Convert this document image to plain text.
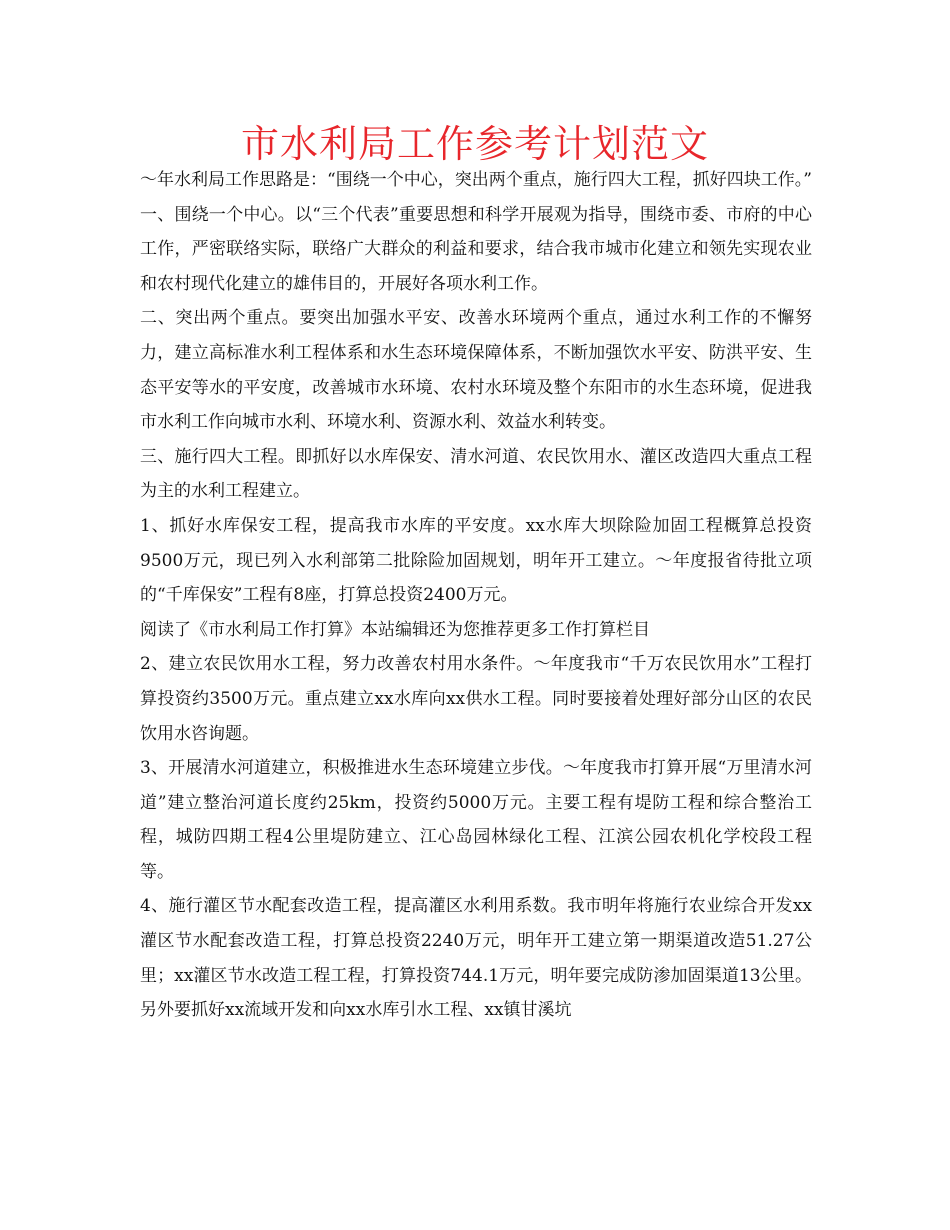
市水利局工作参考计划范文

～年水利局工作思路是：“围绕一个中心，突出两个重点，施行四大工程，抓好四块工作。”

一、围绕一个中心。以“三个代表”重要思想和科学开展观为指导，围绕市委、市府的中心工作，严密联络实际，联络广大群众的利益和要求，结合我市城市化建立和领先实现农业和农村现代化建立的雄伟目的，开展好各项水利工作。

二、突出两个重点。要突出加强水平安、改善水环境两个重点，通过水利工作的不懈努力，建立高标准水利工程体系和水生态环境保障体系，不断加强饮水平安、防洪平安、生态平安等水的平安度，改善城市水环境、农村水环境及整个东阳市的水生态环境，促进我市水利工作向城市水利、环境水利、资源水利、效益水利转变。

三、施行四大工程。即抓好以水库保安、清水河道、农民饮用水、灌区改造四大重点工程为主的水利工程建立。

1、抓好水库保安工程，提高我市水库的平安度。xx水库大坝除险加固工程概算总投资9500万元，现已列入水利部第二批除险加固规划，明年开工建立。～年度报省待批立项的“千库保安”工程有8座，打算总投资2400万元。

阅读了《市水利局工作打算》本站编辑还为您推荐更多工作打算栏目

2、建立农民饮用水工程，努力改善农村用水条件。～年度我市“千万农民饮用水”工程打算投资约3500万元。重点建立xx水库向xx供水工程。同时要接着处理好部分山区的农民饮用水咨询题。

3、开展清水河道建立，积极推进水生态环境建立步伐。～年度我市打算开展“万里清水河道”建立整治河道长度约25km，投资约5000万元。主要工程有堤防工程和综合整治工程，城防四期工程4公里堤防建立、江心岛园林绿化工程、江滨公园农机化学校段工程等。

4、施行灌区节水配套改造工程，提高灌区水利用系数。我市明年将施行农业综合开发xx灌区节水配套改造工程，打算总投资2240万元，明年开工建立第一期渠道改造51.27公里；xx灌区节水改造工程工程，打算投资744.1万元，明年要完成防渗加固渠道13公里。另外要抓好xx流域开发和向xx水库引水工程、xx镇甘溪坑
